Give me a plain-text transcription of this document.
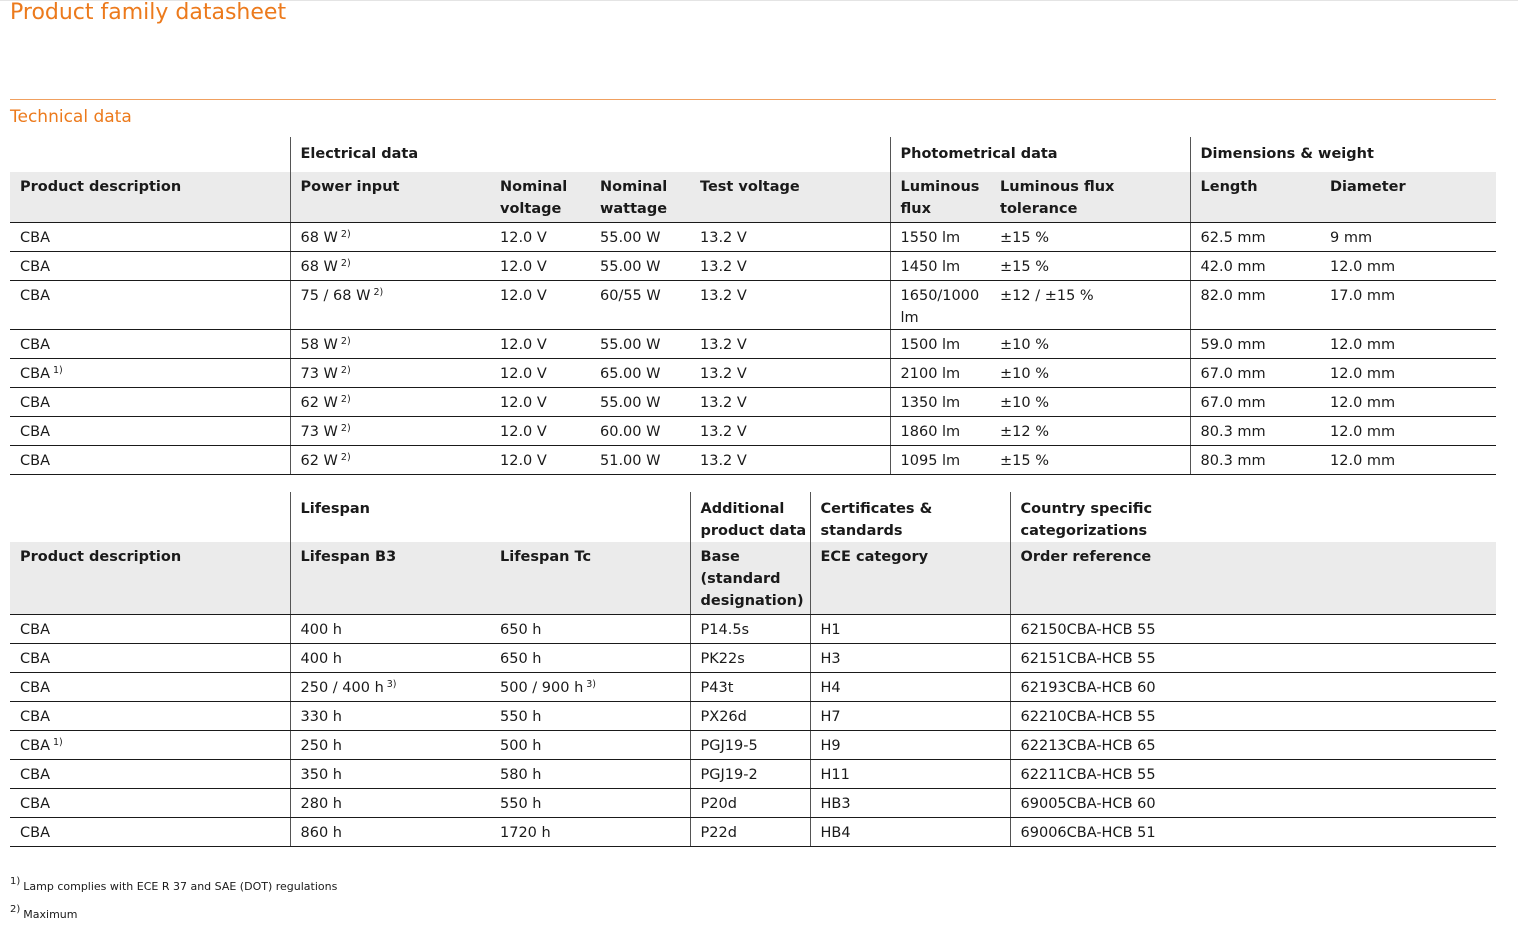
Product family datasheet
Technical data
	Electrical data				Photometrical data		Dimensions & weight	
Product description	Power input	Nominal voltage	Nominal wattage	Test voltage	Luminous flux	Luminous flux tolerance	Length	Diameter
CBA	68 W $^{2)}$	12.0 V	55.00 W	13.2 V	1550 lm	±15 %	62.5 mm	9 mm
CBA	68 W $^{2)}$	12.0 V	55.00 W	13.2 V	1450 lm	±15 %	42.0 mm	12.0 mm
CBA	75 / 68 W $^{2)}$	12.0 V	60/55 W	13.2 V	1650/1000 lm	±12 / ±15 %	82.0 mm	17.0 mm
CBA	58 W $^{2)}$	12.0 V	55.00 W	13.2 V	1500 lm	±10 %	59.0 mm	12.0 mm
CBA $^{1)}$	73 W $^{2)}$	12.0 V	65.00 W	13.2 V	2100 lm	±10 %	67.0 mm	12.0 mm
CBA	62 W $^{2)}$	12.0 V	55.00 W	13.2 V	1350 lm	±10 %	67.0 mm	12.0 mm
CBA	73 W $^{2)}$	12.0 V	60.00 W	13.2 V	1860 lm	±12 %	80.3 mm	12.0 mm
CBA	62 W $^{2)}$	12.0 V	51.00 W	13.2 V	1095 lm	±15 %	80.3 mm	12.0 mm
	Lifespan		Additional product data	Certificates & standards	Country specific categorizations
Product description	Lifespan B3	Lifespan Tc	Base (standard designation)	ECE category	Order reference
CBA	400 h	650 h	P14.5s	H1	62150CBA-HCB 55
CBA	400 h	650 h	PK22s	H3	62151CBA-HCB 55
CBA	250 / 400 h $^{3)}$	500 / 900 h $^{3)}$	P43t	H4	62193CBA-HCB 60
CBA	330 h	550 h	PX26d	H7	62210CBA-HCB 55
CBA $^{1)}$	250 h	500 h	PGJ19-5	H9	62213CBA-HCB 65
CBA	350 h	580 h	PGJ19-2	H11	62211CBA-HCB 55
CBA	280 h	550 h	P20d	HB3	69005CBA-HCB 60
CBA	860 h	1720 h	P22d	HB4	69006CBA-HCB 51
$^{1)}$ Lamp complies with ECE R 37 and SAE (DOT) regulations
$^{2)}$ Maximum
